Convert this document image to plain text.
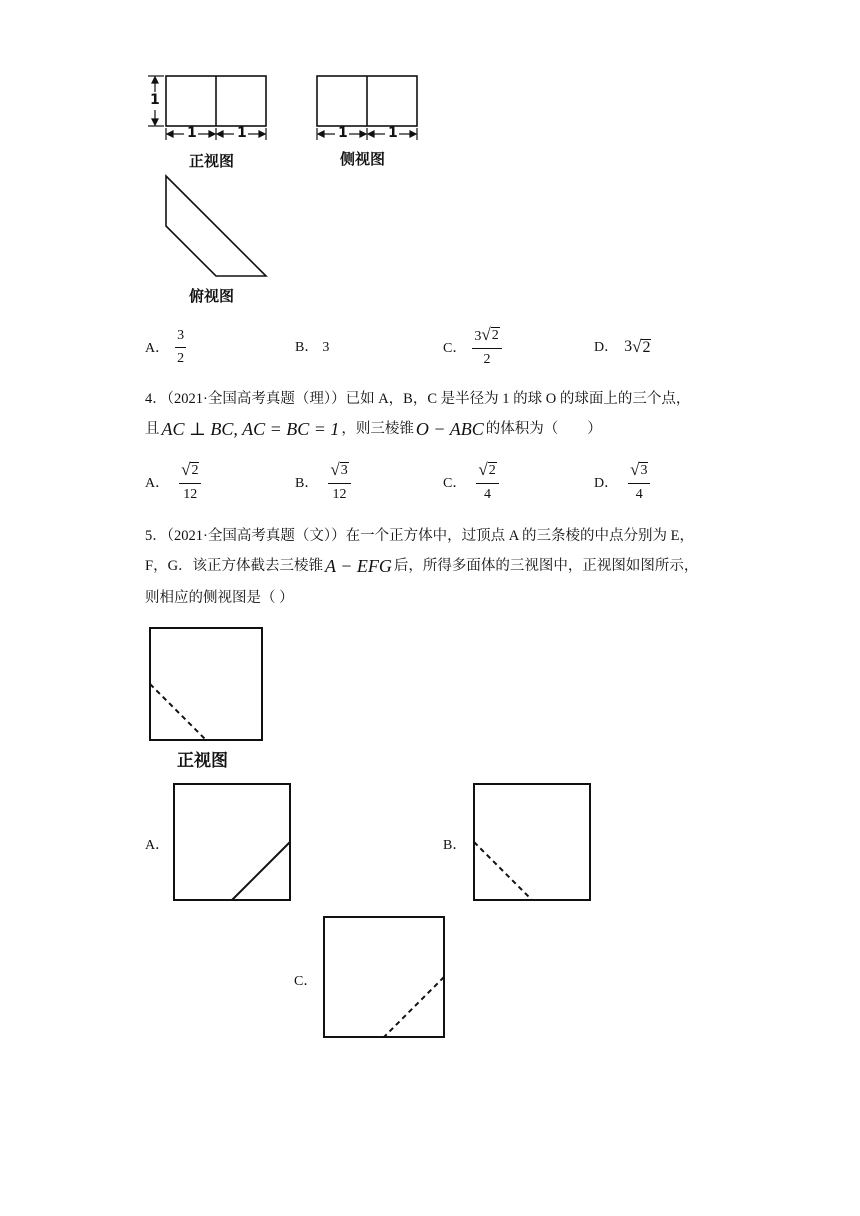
1
1	1	1	1
正视图	侧视图
俯视图
A． $\frac{3}{2}$	B． 3	C． $\frac{3 √ 2}{2}$	D． 3 √ 2
4．（2021·全国高考真题（理））已如 A，B，C 是半径为 1 的球 O 的球面上的三个点，
且 AC ⊥ BC, AC = BC = 1 ，则三棱锥 O − ABC 的体积为（　　）
A． $\frac{√ 2}{12}$	B． $\frac{√ 3}{12}$	C． $\frac{√ 2}{4}$	D． $\frac{√ 3}{4}$
5．（2021·全国高考真题（文））在一个正方体中，过顶点 A 的三条棱的中点分别为 E，
F，G．该正方体截去三棱锥 A − EFG 后，所得多面体的三视图中，正视图如图所示，
则相应的侧视图是（ ）
正视图
A．	B．
C．
